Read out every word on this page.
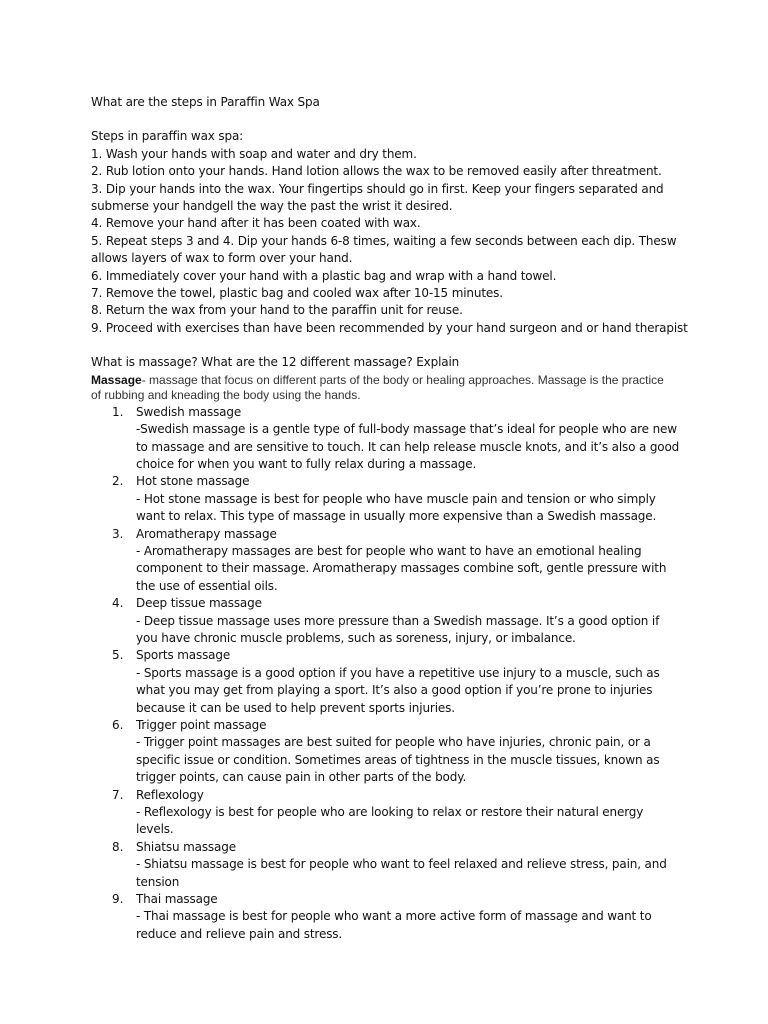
What are the steps in Paraffin Wax Spa
Steps in paraffin wax spa:
1. Wash your hands with soap and water and dry them.
2. Rub lotion onto your hands. Hand lotion allows the wax to be removed easily after threatment.
3. Dip your hands into the wax. Your fingertips should go in first. Keep your fingers separated and
submerse your handgell the way the past the wrist it desired.
4. Remove your hand after it has been coated with wax.
5. Repeat steps 3 and 4. Dip your hands 6-8 times, waiting a few seconds between each dip. Thesw
allows layers of wax to form over your hand.
6. Immediately cover your hand with a plastic bag and wrap with a hand towel.
7. Remove the towel, plastic bag and cooled wax after 10-15 minutes.
8. Return the wax from your hand to the paraffin unit for reuse.
9. Proceed with exercises than have been recommended by your hand surgeon and or hand therapist
What is massage? What are the 12 different massage? Explain
Massage- massage that focus on different parts of the body or healing approaches. Massage is the practice of rubbing and kneading the body using the hands.
1. Swedish massage
-Swedish massage is a gentle type of full-body massage that’s ideal for people who are new to massage and are sensitive to touch. It can help release muscle knots, and it’s also a good choice for when you want to fully relax during a massage.
2. Hot stone massage
- Hot stone massage is best for people who have muscle pain and tension or who simply want to relax. This type of massage in usually more expensive than a Swedish massage.
3. Aromatherapy massage
- Aromatherapy massages are best for people who want to have an emotional healing component to their massage. Aromatherapy massages combine soft, gentle pressure with the use of essential oils.
4. Deep tissue massage
- Deep tissue massage uses more pressure than a Swedish massage. It’s a good option if you have chronic muscle problems, such as soreness, injury, or imbalance.
5. Sports massage
- Sports massage is a good option if you have a repetitive use injury to a muscle, such as what you may get from playing a sport. It’s also a good option if you’re prone to injuries because it can be used to help prevent sports injuries.
6. Trigger point massage
- Trigger point massages are best suited for people who have injuries, chronic pain, or a specific issue or condition. Sometimes areas of tightness in the muscle tissues, known as trigger points, can cause pain in other parts of the body.
7. Reflexology
- Reflexology is best for people who are looking to relax or restore their natural energy levels.
8. Shiatsu massage
- Shiatsu massage is best for people who want to feel relaxed and relieve stress, pain, and tension
9. Thai massage
- Thai massage is best for people who want a more active form of massage and want to reduce and relieve pain and stress.
